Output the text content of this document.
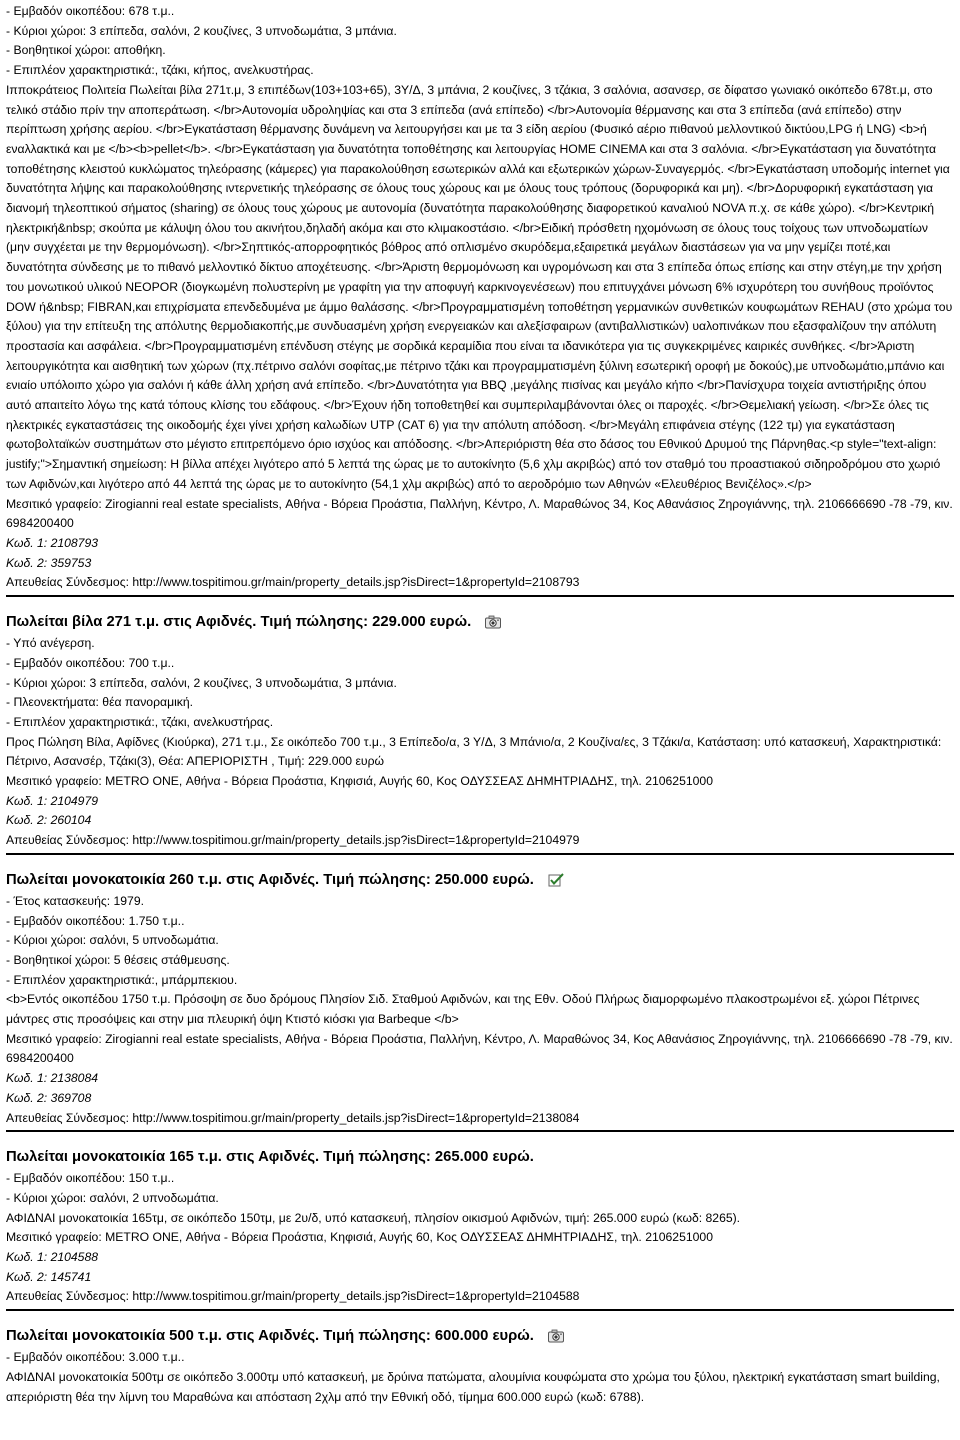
- Εμβαδόν οικοπέδου: 678 τ.μ..
- Κύριοι χώροι: 3 επίπεδα, σαλόνι, 2 κουζίνες, 3 υπνοδωμάτια, 3 μπάνια.
- Βοηθητικοί χώροι: αποθήκη.
- Επιπλέον χαρακτηριστικά:, τζάκι, κήπος, ανελκυστήρας.
Ιπποκράτειος Πολιτεία Πωλείται βίλα 271τ.μ, 3 επιπέδων(103+103+65), 3Υ/Δ, 3 μπάνια, 2 κουζίνες, 3 τζάκια, 3 σαλόνια, ασανσερ, σε δίφατσο γωνιακό οικόπεδο 678τ.μ, στο τελικό στάδιο πρίν την αποπεράτωση. </br>Αυτονομία υδροληψίας και στα 3 επίπεδα (ανά επίπεδο) </br>Αυτονομία θέρμανσης και στα 3 επίπεδα (ανά επίπεδο) στην περίπτωση χρήσης αερίου. </br>Εγκατάσταση θέρμανσης δυνάμενη να λειτουργήσει και με τα 3 είδη αερίου (Φυσικό αέριο πιθανού μελλοντικού δικτύου,LPG ή LNG) <b>ή εναλλακτικά και με </b><b>pellet</b>. </br>Εγκατάσταση για δυνατότητα τοποθέτησης και λειτουργίας HOME CINEMA και στα 3 σαλόνια. </br>Εγκατάσταση για δυνατότητα τοποθέτησης κλειστού κυκλώματος τηλεόρασης (κάμερες) για παρακολούθηση εσωτερικών αλλά και εξωτερικών χώρων-Συναγερμός. </br>Εγκατάσταση υποδομής internet για δυνατότητα λήψης και παρακολούθησης ιντερνετικής τηλεόρασης σε όλους τους χώρους και με όλους τους τρόπους (δορυφορικά και μη). </br>Δορυφορική εγκατάσταση για διανομή τηλεοπτικού σήματος (sharing) σε όλους τους χώρους με αυτονομία (δυνατότητα παρακολούθησης διαφορετικού καναλιού NOVA π.χ. σε κάθε χώρο). </br>Κεντρική ηλεκτρική&nbsp; σκούπα με κάλυψη όλου του ακινήτου,δηλαδή ακόμα και στο κλιμακοστάσιο. </br>Ειδική πρόσθετη ηχομόνωση σε όλους τους τοίχους των υπνοδωματίων (μην συγχέεται με την θερμομόνωση). </br>Σηπτικός-απορροφητικός βόθρος από οπλισμένο σκυρόδεμα,εξαιρετικά μεγάλων διαστάσεων για να μην γεμίζει ποτέ,και δυνατότητα σύνδεσης με το πιθανό μελλοντικό δίκτυο αποχέτευσης. </br>Άριστη θερμομόνωση και υγρομόνωση και στα 3 επίπεδα όπως επίσης και στην στέγη,με την χρήση του μονωτικού υλικού NEOPOR (διογκωμένη πολυστερίνη με γραφίτη για την αποφυγή καρκινογενέσεων) που επιτυγχάνει μόνωση 6% ισχυρότερη του συνήθους προϊόντος DOW ή&nbsp; FIBRAN,και επιχρίσματα επενδεδυμένα με άμμο θαλάσσης. </br>Προγραμματισμένη τοποθέτηση γερμανικών συνθετικών κουφωμάτων REHAU (στο χρώμα του ξύλου) για την επίτευξη της απόλυτης θερμοδιακοπής,με συνδυασμένη χρήση ενεργειακών και αλεξίσφαιρων (αντιβαλλιστικών) υαλοπινάκων που εξασφαλίζουν την απόλυτη προστασία και ασφάλεια. </br>Προγραμματισμένη επένδυση στέγης με σορδικά κεραμίδια που είναι τα ιδανικότερα για τις συγκεκριμένες καιρικές συνθήκες. </br>Άριστη λειτουργικότητα και αισθητική των χώρων (πχ.πέτρινο σαλόνι σοφίτας,με πέτρινο τζάκι και προγραμματισμένη ξύλινη εσωτερική οροφή με δοκούς),με υπνοδωμάτιο,μπάνιο και ενιαίο υπόλοιπο χώρο για σαλόνι ή κάθε άλλη χρήση ανά επίπεδο. </br>Δυνατότητα για BBQ ,μεγάλης πισίνας και μεγάλο κήπο </br>Πανίσχυρα τοιχεία αντιστήριξης όπου αυτό απαιτείτο λόγω της κατά τόπους κλίσης του εδάφους. </br>Έχουν ήδη τοποθετηθεί και συμπεριλαμβάνονται όλες οι παροχές. </br>Θεμελιακή γείωση. </br>Σε όλες τις ηλεκτρικές εγκαταστάσεις της οικοδομής έχει γίνει χρήση καλωδίων UTP (CAT 6) για την απόλυτη απόδοση. </br>Μεγάλη επιφάνεια στέγης (122 τμ) για εγκατάσταση φωτοβολταϊκών συστημάτων στο μέγιστο επιτρεπόμενο όριο ισχύος και απόδοσης. </br>Απεριόριστη θέα στο δάσος του Εθνικού Δρυμού της Πάρνηθας.<p style="text-align: justify;">Σημαντική σημείωση: Η βίλλα απέχει λιγότερο από 5 λεπτά της ώρας με το αυτοκίνητο (5,6 χλμ ακριβώς) από τον σταθμό του προαστιακού σιδηροδρόμου στο χωριό των Αφιδνών,και λιγότερο από 44 λεπτά της ώρας με το αυτοκίνητο (54,1 χλμ ακριβώς) από το αεροδρόμιο των Αθηνών «Ελευθέριος Βενιζέλος».</p>
Μεσιτικό γραφείο: Zirogianni real estate specialists, Αθήνα - Βόρεια Προάστια, Παλλήνη, Κέντρο, Λ. Μαραθώνος 34, Κος Αθανάσιος Ζηρογιάννης, τηλ. 2106666690 -78 -79, κιν. 6984200400
Κωδ. 1: 2108793
Κωδ. 2: 359753
Απευθείας Σύνδεσμος: http://www.tospitimou.gr/main/property_details.jsp?isDirect=1&propertyId=2108793
Πωλείται βίλα 271 τ.μ. στις Αφιδνές. Τιμή πώλησης: 229.000 ευρώ.
- Υπό ανέγερση.
- Εμβαδόν οικοπέδου: 700 τ.μ..
- Κύριοι χώροι: 3 επίπεδα, σαλόνι, 2 κουζίνες, 3 υπνοδωμάτια, 3 μπάνια.
- Πλεονεκτήματα: θέα πανοραμική.
- Επιπλέον χαρακτηριστικά:, τζάκι, ανελκυστήρας.
Προς Πώληση Βίλα, Αφίδνες (Κιούρκα), 271 τ.μ., Σε οικόπεδο 700 τ.μ., 3 Επίπεδο/α, 3 Υ/Δ, 3 Μπάνιο/α, 2 Κουζίνα/ες, 3 Τζάκι/α, Κατάσταση: υπό κατασκευή, Χαρακτηριστικά: Πέτρινο, Ασανσέρ, Τζάκι(3), Θέα: ΑΠΕΡΙΟΡΙΣΤΗ , Τιμή: 229.000 ευρώ
Μεσιτικό γραφείο: METRO ONE, Αθήνα - Βόρεια Προάστια, Κηφισιά, Αυγής 60, Κος ΟΔΥΣΣΕΑΣ ΔΗΜΗΤΡΙΑΔΗΣ, τηλ. 2106251000
Κωδ. 1: 2104979
Κωδ. 2: 260104
Απευθείας Σύνδεσμος: http://www.tospitimou.gr/main/property_details.jsp?isDirect=1&propertyId=2104979
Πωλείται μονοκατοικία 260 τ.μ. στις Αφιδνές. Τιμή πώλησης: 250.000 ευρώ.
- Έτος κατασκευής: 1979.
- Εμβαδόν οικοπέδου: 1.750 τ.μ..
- Κύριοι χώροι: σαλόνι, 5 υπνοδωμάτια.
- Βοηθητικοί χώροι: 5 θέσεις στάθμευσης.
- Επιπλέον χαρακτηριστικά:, μπάρμπεκιου.
<b>Εντός οικοπέδου 1750 τ.μ. Πρόσοψη σε δυο δρόμους Πλησίον Σιδ. Σταθμού Αφιδνών, και της Εθν. Οδού Πλήρως διαμορφωμένο πλακοστρωμένοι εξ. χώροι Πέτρινες μάντρες στις προσόψεις και στην μια πλευρική όψη Κτιστό κιόσκι για Barbeque </b>
Μεσιτικό γραφείο: Zirogianni real estate specialists, Αθήνα - Βόρεια Προάστια, Παλλήνη, Κέντρο, Λ. Μαραθώνος 34, Κος Αθανάσιος Ζηρογιάννης, τηλ. 2106666690 -78 -79, κιν. 6984200400
Κωδ. 1: 2138084
Κωδ. 2: 369708
Απευθείας Σύνδεσμος: http://www.tospitimou.gr/main/property_details.jsp?isDirect=1&propertyId=2138084
Πωλείται μονοκατοικία 165 τ.μ. στις Αφιδνές. Τιμή πώλησης: 265.000 ευρώ.
- Εμβαδόν οικοπέδου: 150 τ.μ..
- Κύριοι χώροι: σαλόνι, 2 υπνοδωμάτια.
ΑΦΙΔΝΑΙ μονοκατοικία 165τμ, σε οικόπεδο 150τμ, με 2υ/δ, υπό κατασκευή, πλησίον οικισμού Αφιδνών, τιμή: 265.000 ευρώ (κωδ: 8265).
Μεσιτικό γραφείο: METRO ONE, Αθήνα - Βόρεια Προάστια, Κηφισιά, Αυγής 60, Κος ΟΔΥΣΣΕΑΣ ΔΗΜΗΤΡΙΑΔΗΣ, τηλ. 2106251000
Κωδ. 1: 2104588
Κωδ. 2: 145741
Απευθείας Σύνδεσμος: http://www.tospitimou.gr/main/property_details.jsp?isDirect=1&propertyId=2104588
Πωλείται μονοκατοικία 500 τ.μ. στις Αφιδνές. Τιμή πώλησης: 600.000 ευρώ.
- Εμβαδόν οικοπέδου: 3.000 τ.μ..
ΑΦΙΔΝΑΙ μονοκατοικία 500τμ σε οικόπεδο 3.000τμ υπό κατασκευή, με δρύινα πατώματα, αλουμίνια κουφώματα στο χρώμα του ξύλου, ηλεκτρική εγκατάσταση smart building, απεριόριστη θέα την λίμνη του Μαραθώνα και απόσταση 2χλμ από την Εθνική οδό, τίμημα 600.000 ευρώ (κωδ: 6788).
